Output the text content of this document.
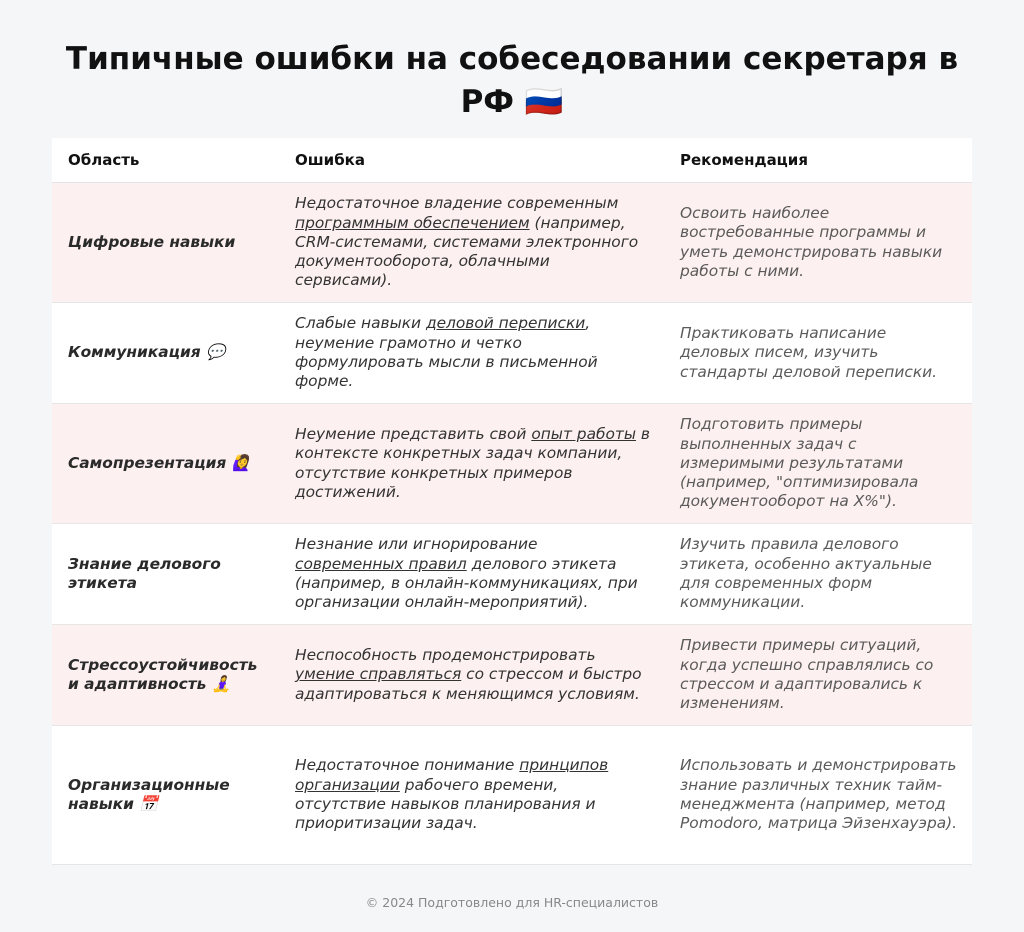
Типичные ошибки на собеседовании секретаря в РФ 🇷🇺
Область	Ошибка	Рекомендация
Цифровые навыки	Недостаточное владение современным программным обеспечением (например, CRM-системами, системами электронного документооборота, облачными сервисами).	Освоить наиболее востребованные программы и уметь демонстрировать навыки работы с ними.
Коммуникация 💬	Слабые навыки деловой переписки, неумение грамотно и четко формулировать мысли в письменной форме.	Практиковать написание деловых писем, изучить стандарты деловой переписки.
Самопрезентация 🙋‍♀️	Неумение представить свой опыт работы в контексте конкретных задач компании, отсутствие конкретных примеров достижений.	Подготовить примеры выполненных задач с измеримыми результатами (например, "оптимизировала документооборот на X%").
Знание делового этикета	Незнание или игнорирование современных правил делового этикета (например, в онлайн-коммуникациях, при организации онлайн-мероприятий).	Изучить правила делового этикета, особенно актуальные для современных форм коммуникации.
Стрессоустойчивость и адаптивность 🧘‍♀️	Неспособность продемонстрировать умение справляться со стрессом и быстро адаптироваться к меняющимся условиям.	Привести примеры ситуаций, когда успешно справлялись со стрессом и адаптировались к изменениям.
Организационные навыки 📅	Недостаточное понимание принципов организации рабочего времени, отсутствие навыков планирования и приоритизации задач.	Использовать и демонстрировать знание различных техник тайм-менеджмента (например, метод Pomodoro, матрица Эйзенхауэра).
© 2024 Подготовлено для HR-специалистов
